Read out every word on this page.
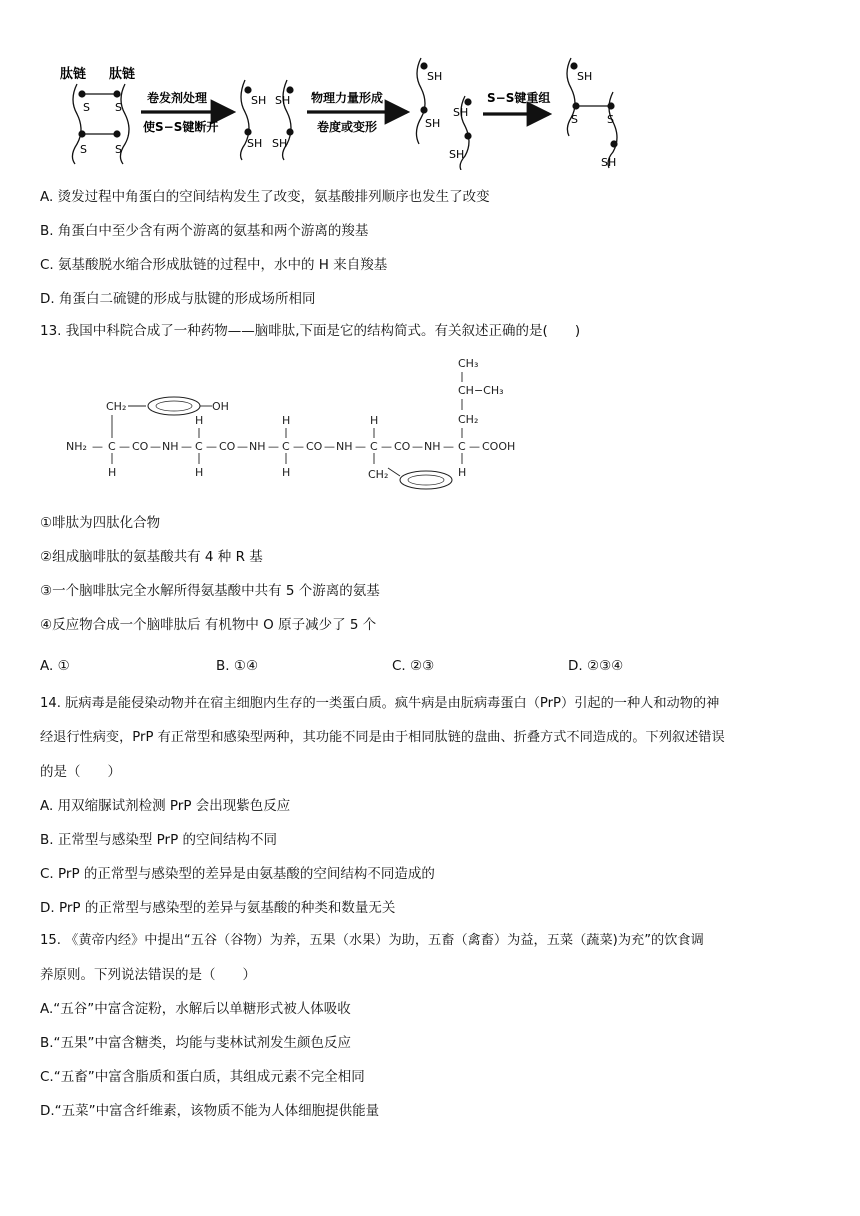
肽链 肽链
S S
S	S
卷发剂处理
使S−S键断开
SH SH
SH SH
物理力量形成
卷度或变形
SH
SH
SH
SH
S−S键重组
SH
S	S
SH
A. 烫发过程中角蛋白的空间结构发生了改变，氨基酸排列顺序也发生了改变
B. 角蛋白中至少含有两个游离的氨基和两个游离的羧基
C. 氨基酸脱水缩合形成肽链的过程中，水中的 H 来自羧基
D. 角蛋白二硫键的形成与肽键的形成场所相同
13. 我国中科院合成了一种药物——脑啡肽,下面是它的结构简式。有关叙述正确的是(　　)
NH₂ — C — CO — NH — C — CO — NH — C — CO — NH — C — CO — NH — C — COOH
CH₂	OH
H
H
H
H
H
H
CH₂
CH₃
CH−CH₃
CH₂
H
①啡肽为四肽化合物
②组成脑啡肽的氨基酸共有 4 种 R 基
③一个脑啡肽完全水解所得氨基酸中共有 5 个游离的氨基
④反应物合成一个脑啡肽后 有机物中 O 原子减少了 5 个
A. ①	B. ①④	C. ②③	D. ②③④
14. 朊病毒是能侵染动物并在宿主细胞内生存的一类蛋白质。疯牛病是由朊病毒蛋白（PrP）引起的一种人和动物的神
经退行性病变，PrP 有正常型和感染型两种，其功能不同是由于相同肽链的盘曲、折叠方式不同造成的。下列叙述错误
的是（　　）
A. 用双缩脲试剂检测 PrP 会出现紫色反应
B. 正常型与感染型 PrP 的空间结构不同
C. PrP 的正常型与感染型的差异是由氨基酸的空间结构不同造成的
D. PrP 的正常型与感染型的差异与氨基酸的种类和数量无关
15. 《黄帝内经》中提出“五谷（谷物）为养，五果（水果）为助，五畜（禽畜）为益，五菜（蔬菜)为充”的饮食调
养原则。下列说法错误的是（　　）
A.“五谷”中富含淀粉，水解后以单糖形式被人体吸收
B.“五果”中富含糖类，均能与斐林试剂发生颜色反应
C.“五畜”中富含脂质和蛋白质，其组成元素不完全相同
D.“五菜”中富含纤维素，该物质不能为人体细胞提供能量
